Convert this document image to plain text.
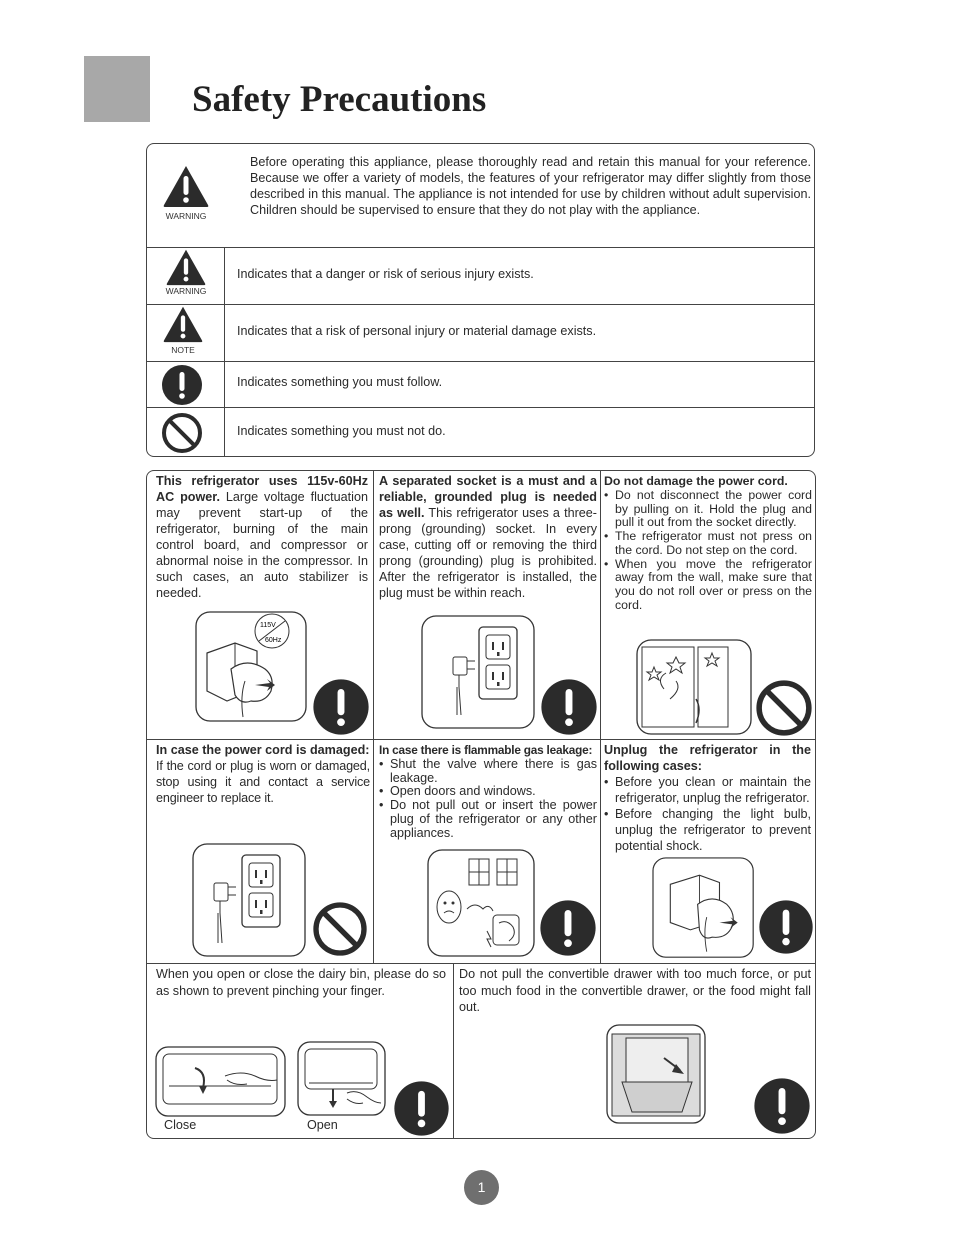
Safety Precautions
WARNING

Before operating this appliance, please thoroughly read and retain this manual for your reference. Because we offer a variety of models, the features of your refrigerator may differ slightly from those described in this manual. The appliance is not intended for use by children without adult supervision. Children should be supervised to ensure that they do not play with the appliance.

WARNING

Indicates that a danger or risk of serious injury exists.

NOTE

Indicates that a risk of personal injury or material damage exists.

Indicates something you must follow.

Indicates something you must not do.

This refrigerator uses 115v-60Hz AC power. Large voltage fluctuation may prevent start-up of the refrigerator, burning of the main control board, and compressor or abnormal noise in the compressor. In such cases, an auto stabilizer is needed.

115V
60Hz

A separated socket is a must and a reliable, grounded plug is needed as well. This refrigerator uses a three-prong (grounding) socket. In every case, cutting off or removing the third prong (grounding) plug is prohibited. After the refrigerator is installed, the plug must be within reach.

Do not damage the power cord.
• Do not disconnect the power cord by pulling on it. Hold the plug and pull it out from the socket directly.
• The refrigerator must not press on the cord. Do not step on the cord.
• When you move the refrigerator away from the wall, make sure that you do not roll over or press on the cord.
In case the power cord is damaged:
If the cord or plug is worn or damaged, stop using it and contact a service engineer to replace it.
In case there is flammable gas leakage:
• Shut the valve where there is gas leakage.
• Open doors and windows.
• Do not pull out or insert the power plug of the refrigerator or any other appliances.
Unplug the refrigerator in the following cases:
• Before you clean or maintain the refrigerator, unplug the refrigerator.
• Before changing the light bulb, unplug the refrigerator to prevent potential shock.

When you open or close the dairy bin, please do so as shown to prevent pinching your finger.

Close	Open

Do not pull the convertible drawer with too much force, or put too much food in the convertible drawer, or the food might fall out.

1
